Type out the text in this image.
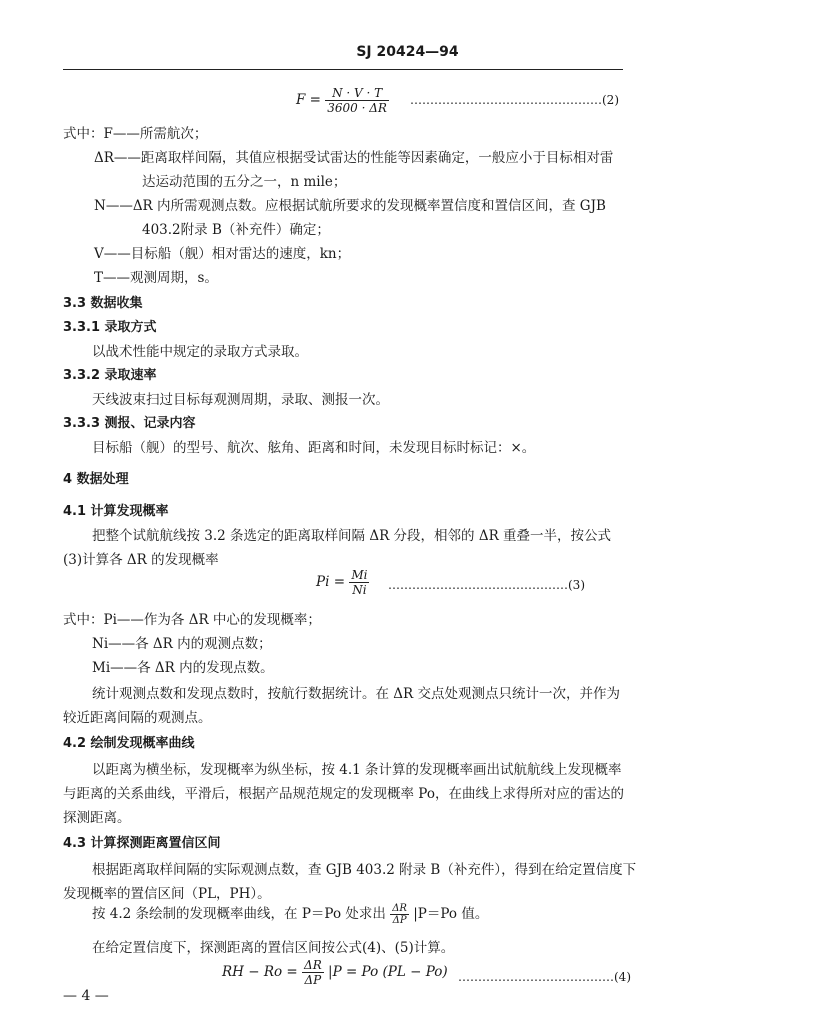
SJ 20424—94
$F = \frac{N \cdot V \cdot T}{3600 \cdot \Delta R}$ …………………………………………(2)
式中：F——所需航次；
ΔR——距离取样间隔，其值应根据受试雷达的性能等因素确定，一般应小于目标相对雷
达运动范围的五分之一，n mile；
N——ΔR 内所需观测点数。应根据试航所要求的发现概率置信度和置信区间，查 GJB
403.2附录 B（补充件）确定；
V——目标船（舰）相对雷达的速度，kn；
T——观测周期，s。
3.3 数据收集
3.3.1 录取方式
以战术性能中规定的录取方式录取。
3.3.2 录取速率
天线波束扫过目标每观测周期，录取、测报一次。
3.3.3 测报、记录内容
目标船（舰）的型号、航次、舷角、距离和时间，未发现目标时标记：×。
4 数据处理
4.1 计算发现概率
把整个试航航线按 3.2 条选定的距离取样间隔 ΔR 分段，相邻的 ΔR 重叠一半，按公式
(3)计算各 ΔR 的发现概率
$Pi = \frac{Mi}{Ni}$ ………………………………………(3)
式中：Pi——作为各 ΔR 中心的发现概率；
Ni——各 ΔR 内的观测点数；
Mi——各 ΔR 内的发现点数。
统计观测点数和发现点数时，按航行数据统计。在 ΔR 交点处观测点只统计一次，并作为
较近距离间隔的观测点。
4.2 绘制发现概率曲线
以距离为横坐标，发现概率为纵坐标，按 4.1 条计算的发现概率画出试航航线上发现概率
与距离的关系曲线，平滑后，根据产品规范规定的发现概率 Po，在曲线上求得所对应的雷达的
探测距离。
4.3 计算探测距离置信区间
根据距离取样间隔的实际观测点数，查 GJB 403.2 附录 B（补充件），得到在给定置信度下
发现概率的置信区间（PL，PH）。
按 4.2 条绘制的发现概率曲线，在 P＝Po 处求出 $\frac{\Delta R}{\Delta P} |P=Po$ 值。
在给定置信度下，探测距离的置信区间按公式(4)、(5)计算。
RH − $Ro = \frac{\Delta R}{\Delta P} |P = Po$ (PL − Po) …………………………………(4)
— 4 —
